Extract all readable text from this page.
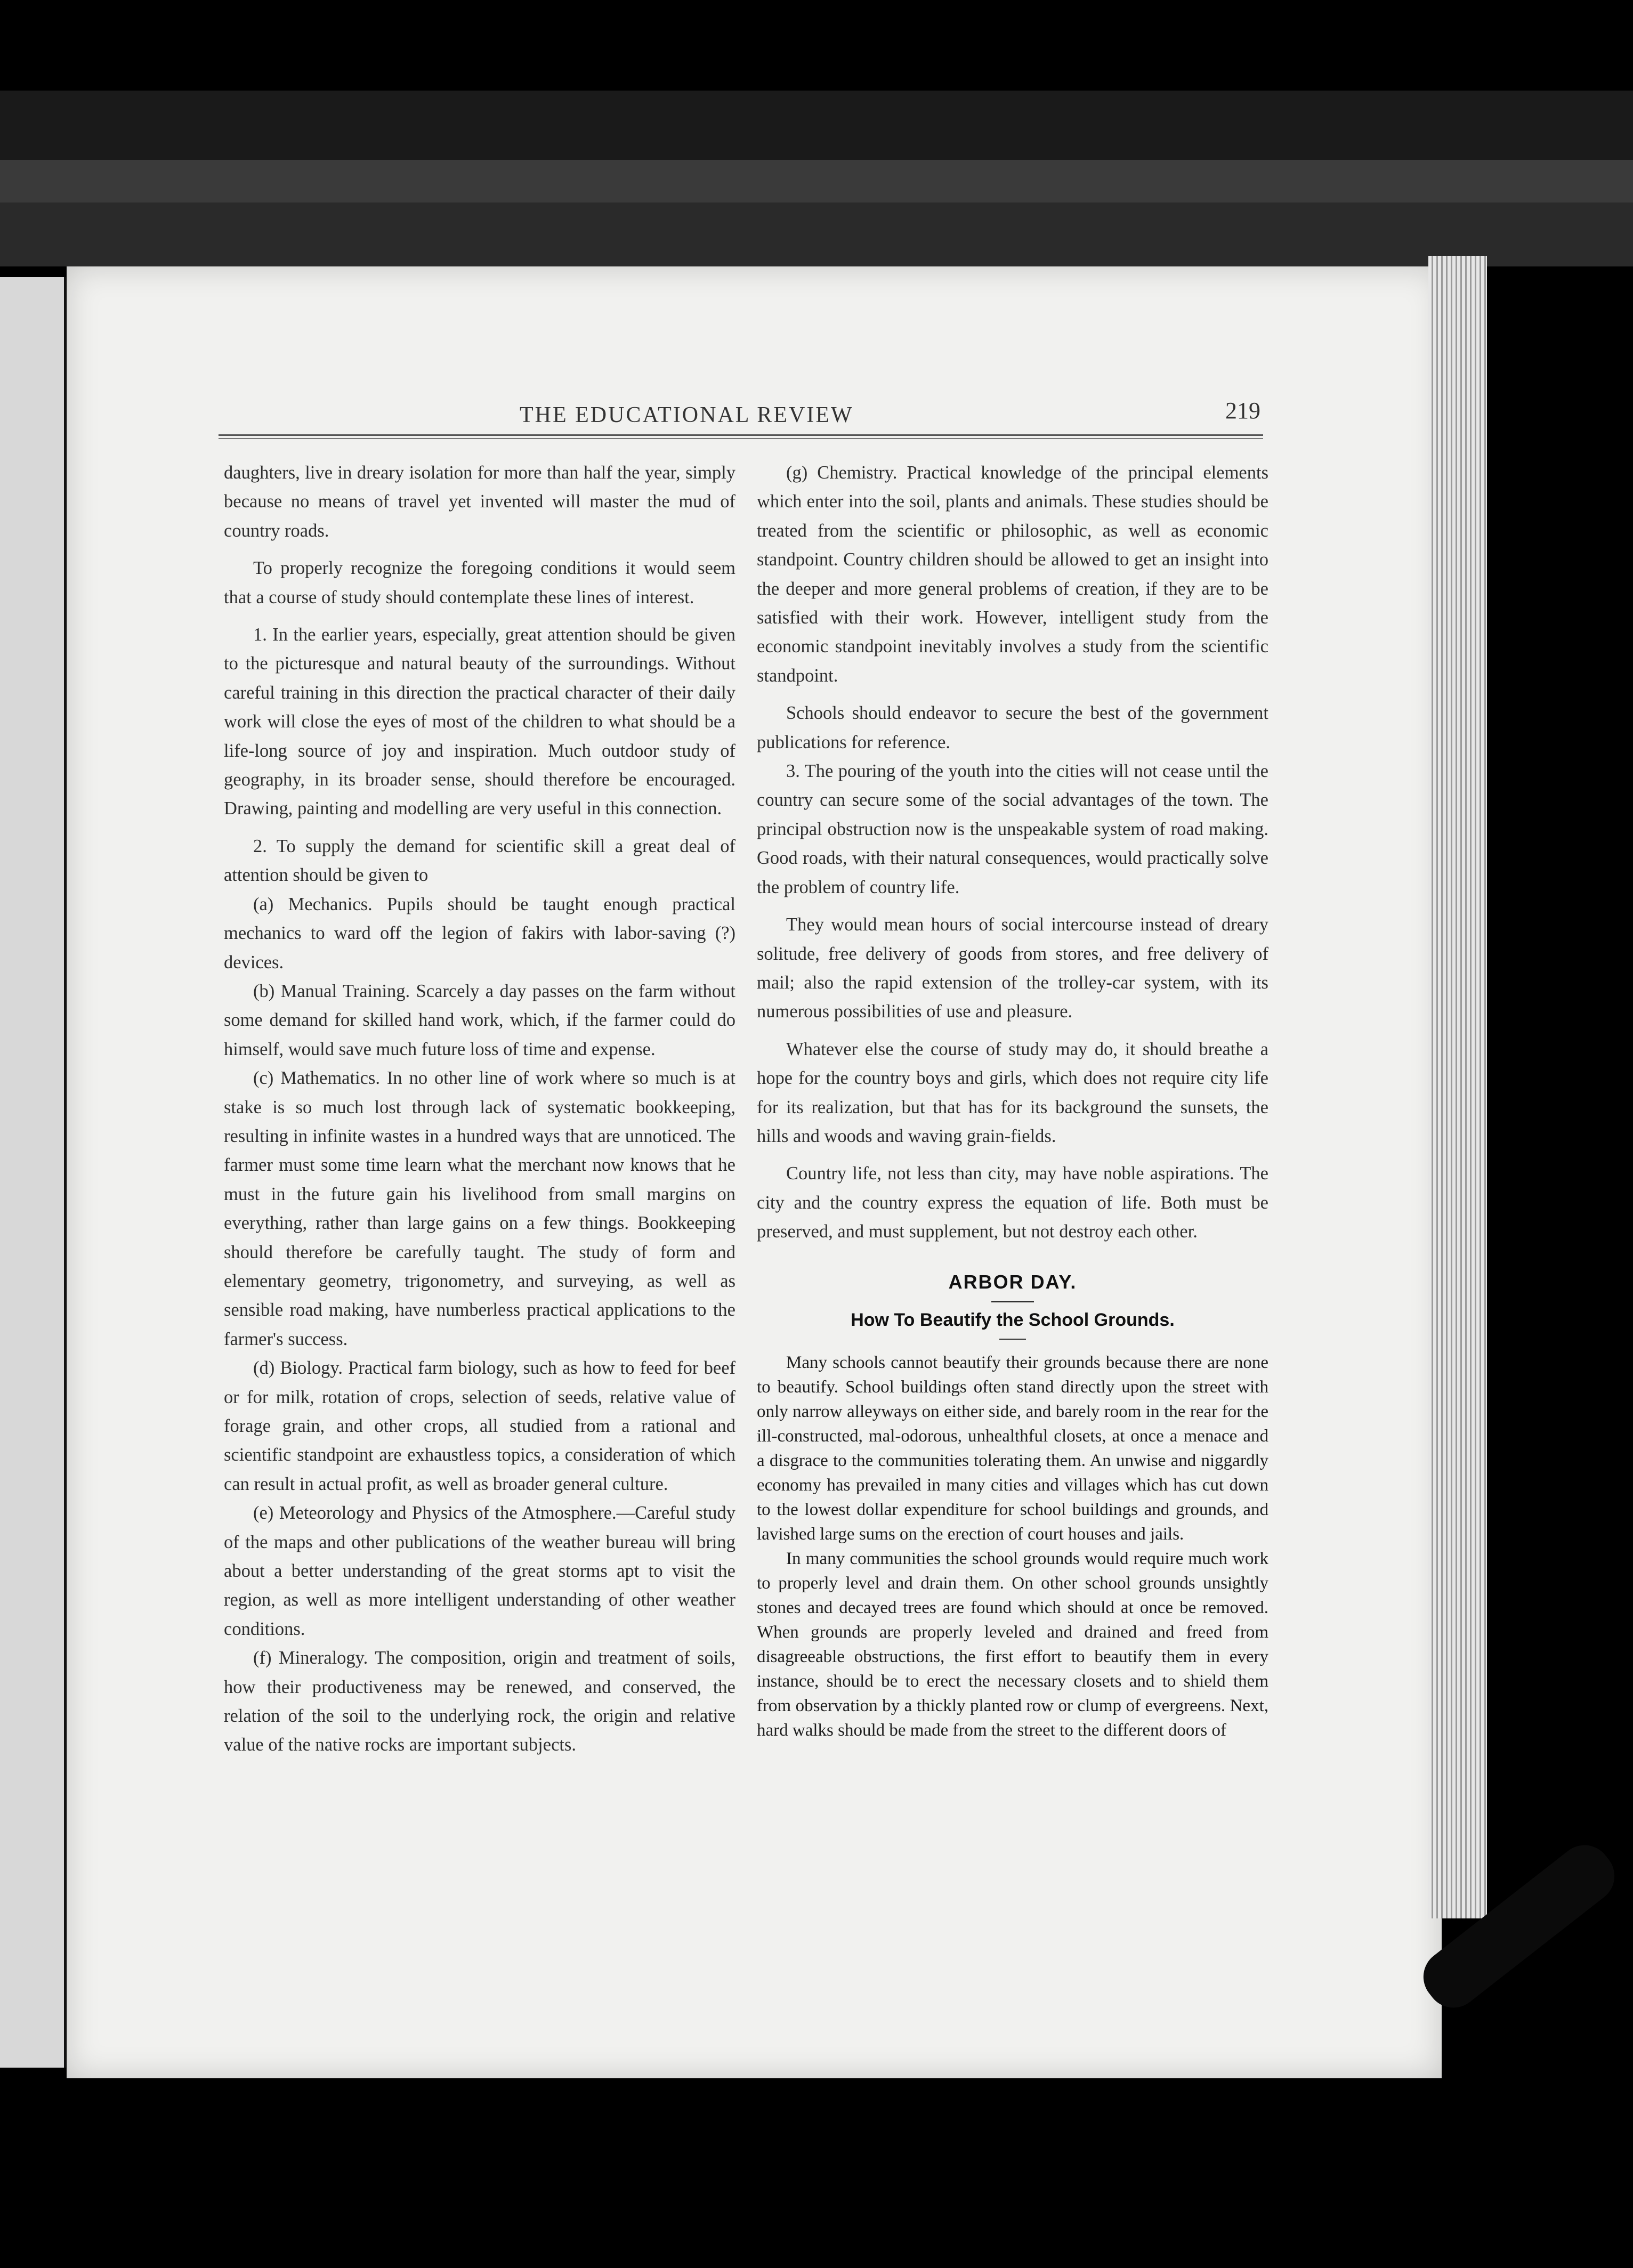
THE EDUCATIONAL REVIEW	219

daughters, live in dreary isolation for more than half the year, simply because no means of travel yet invented will master the mud of country roads.

To properly recognize the foregoing conditions it would seem that a course of study should contemplate these lines of interest.

1. In the earlier years, especially, great attention should be given to the picturesque and natural beauty of the surroundings. Without careful training in this direction the practical character of their daily work will close the eyes of most of the children to what should be a life-long source of joy and inspiration. Much outdoor study of geography, in its broader sense, should therefore be encouraged. Drawing, painting and modelling are very useful in this connection.

2. To supply the demand for scientific skill a great deal of attention should be given to

(a) Mechanics. Pupils should be taught enough practical mechanics to ward off the legion of fakirs with labor-saving (?) devices.

(b) Manual Training. Scarcely a day passes on the farm without some demand for skilled hand work, which, if the farmer could do himself, would save much future loss of time and expense.

(c) Mathematics. In no other line of work where so much is at stake is so much lost through lack of systematic bookkeeping, resulting in infinite wastes in a hundred ways that are unnoticed. The farmer must some time learn what the merchant now knows that he must in the future gain his livelihood from small margins on everything, rather than large gains on a few things. Bookkeeping should therefore be carefully taught. The study of form and elementary geometry, trigonometry, and surveying, as well as sensible road making, have numberless practical applications to the farmer's success.

(d) Biology. Practical farm biology, such as how to feed for beef or for milk, rotation of crops, selection of seeds, relative value of forage grain, and other crops, all studied from a rational and scientific standpoint are exhaustless topics, a consideration of which can result in actual profit, as well as broader general culture.

(e) Meteorology and Physics of the Atmosphere.—Careful study of the maps and other publications of the weather bureau will bring about a better understanding of the great storms apt to visit the region, as well as more intelligent understanding of other weather conditions.

(f) Mineralogy. The composition, origin and treatment of soils, how their productiveness may be renewed, and conserved, the relation of the soil to the underlying rock, the origin and relative value of the native rocks are important subjects.

(g) Chemistry. Practical knowledge of the principal elements which enter into the soil, plants and animals. These studies should be treated from the scientific or philosophic, as well as economic standpoint. Country children should be allowed to get an insight into the deeper and more general problems of creation, if they are to be satisfied with their work. However, intelligent study from the economic standpoint inevitably involves a study from the scientific standpoint.

Schools should endeavor to secure the best of the government publications for reference.

3. The pouring of the youth into the cities will not cease until the country can secure some of the social advantages of the town. The principal obstruction now is the unspeakable system of road making. Good roads, with their natural consequences, would practically solve the problem of country life.

They would mean hours of social intercourse instead of dreary solitude, free delivery of goods from stores, and free delivery of mail; also the rapid extension of the trolley-car system, with its numerous possibilities of use and pleasure.

Whatever else the course of study may do, it should breathe a hope for the country boys and girls, which does not require city life for its realization, but that has for its background the sunsets, the hills and woods and waving grain-fields.

Country life, not less than city, may have noble aspirations. The city and the country express the equation of life. Both must be preserved, and must supplement, but not destroy each other.

ARBOR DAY.
How To Beautify the School Grounds.

Many schools cannot beautify their grounds because there are none to beautify. School buildings often stand directly upon the street with only narrow alleyways on either side, and barely room in the rear for the ill-constructed, mal-odorous, unhealthful closets, at once a menace and a disgrace to the communities tolerating them. An unwise and niggardly economy has prevailed in many cities and villages which has cut down to the lowest dollar expenditure for school buildings and grounds, and lavished large sums on the erection of court houses and jails.

In many communities the school grounds would require much work to properly level and drain them. On other school grounds unsightly stones and decayed trees are found which should at once be removed. When grounds are properly leveled and drained and freed from disagreeable obstructions, the first effort to beautify them in every instance, should be to erect the necessary closets and to shield them from observation by a thickly planted row or clump of evergreens. Next, hard walks should be made from the street to the different doors of
